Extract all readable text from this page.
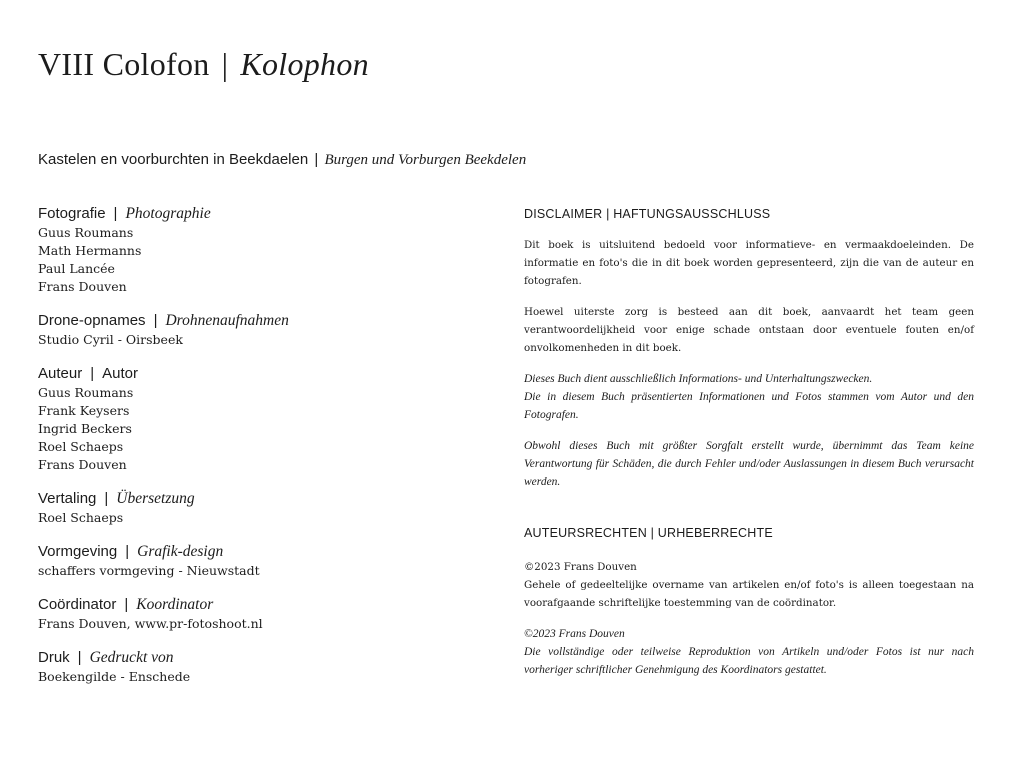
VIII Colofon | Kolophon
Kastelen en voorburchten in Beekdaelen | Burgen und Vorburgen Beekdelen
Fotografie | Photographie
Guus Roumans
Math Hermanns
Paul Lancée
Frans Douven
Drone-opnames | Drohnenaufnahmen
Studio Cyril - Oirsbeek
Auteur | Autor
Guus Roumans
Frank Keysers
Ingrid Beckers
Roel Schaeps
Frans Douven
Vertaling | Übersetzung
Roel Schaeps
Vormgeving | Grafik-design
schaffers vormgeving - Nieuwstadt
Coördinator | Koordinator
Frans Douven, www.pr-fotoshoot.nl
Druk | Gedruckt von
Boekengilde - Enschede
DISCLAIMER | HAFTUNGSAUSSCHLUSS

Dit boek is uitsluitend bedoeld voor informatieve- en vermaakdoeleinden. De informatie en foto's die in dit boek worden gepresenteerd, zijn die van de auteur en fotografen.

Hoewel uiterste zorg is besteed aan dit boek, aanvaardt het team geen verantwoordelijkheid voor enige schade ontstaan door eventuele fouten en/of onvolkomenheden in dit boek.

Dieses Buch dient ausschließlich Informations- und Unterhaltungszwecken.

Die in diesem Buch präsentierten Informationen und Fotos stammen vom Autor und den Fotografen.

Obwohl dieses Buch mit größter Sorgfalt erstellt wurde, übernimmt das Team keine Verantwortung für Schäden, die durch Fehler und/oder Auslassungen in diesem Buch verursacht werden.

AUTEURSRECHTEN | URHEBERRECHTE

©2023 Frans Douven

Gehele of gedeeltelijke overname van artikelen en/of foto's is alleen toegestaan na voorafgaande schriftelijke toestemming van de coördinator.

©2023 Frans Douven

Die vollständige oder teilweise Reproduktion von Artikeln und/oder Fotos ist nur nach vorheriger schriftlicher Genehmigung des Koordinators gestattet.
